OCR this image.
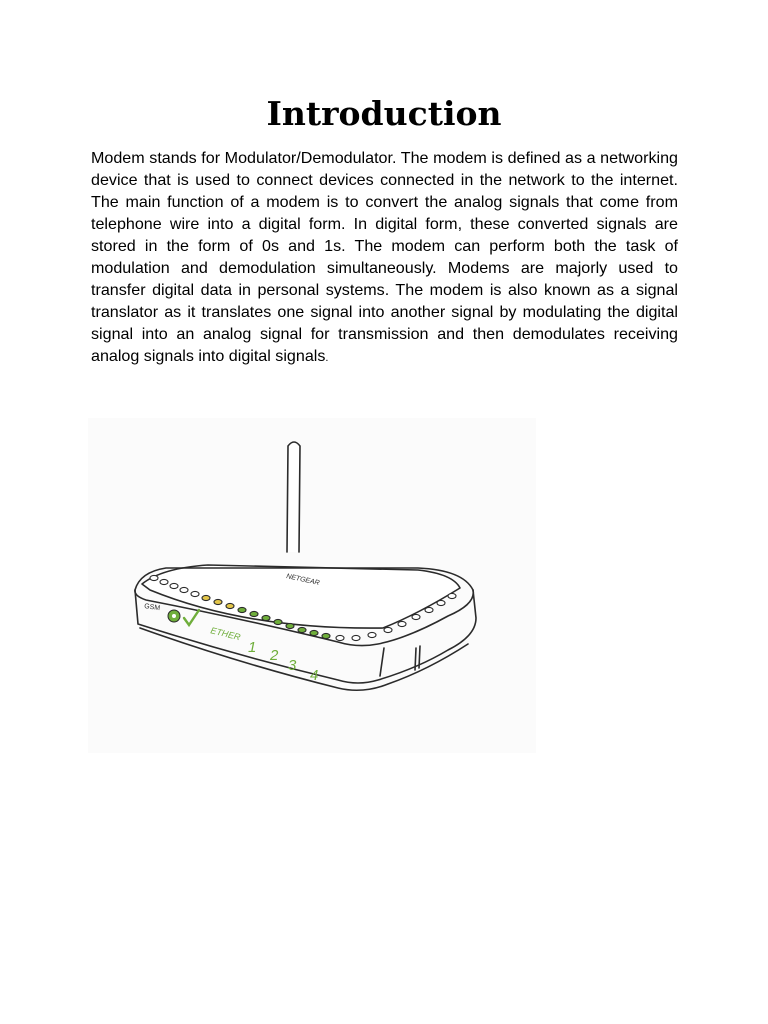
Introduction

Modem stands for Modulator/Demodulator. The modem is defined as a networking device that is used to connect devices connected in the network to the internet. The main function of a modem is to convert the analog signals that come from telephone wire into a digital form. In digital form, these converted signals are stored in the form of 0s and 1s. The modem can perform both the task of modulation and demodulation simultaneously. Modems are majorly used to transfer digital data in personal systems. The modem is also known as a signal translator as it translates one signal into another signal by modulating the digital signal into an analog signal for transmission and then demodulates receiving analog signals into digital signals.

NETGEAR
GSM
ETHER
1 2
3
4
